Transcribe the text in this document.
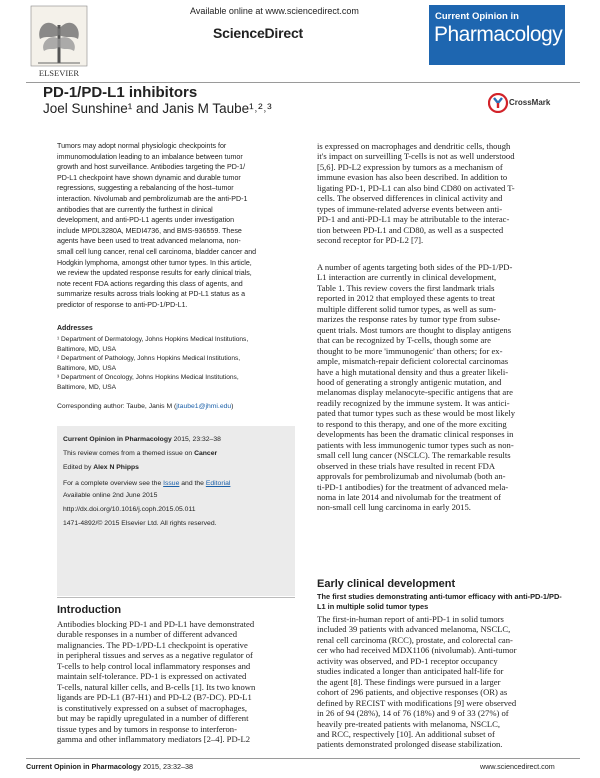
ELSEVIER
Available online at www.sciencedirect.com
ScienceDirect
Current Opinion in
Pharmacology
PD-1/PD-L1 inhibitors
Joel Sunshine¹ and Janis M Taube¹˒²˒³	CrossMark
Tumors may adopt normal physiologic checkpoints for
immunomodulation leading to an imbalance between tumor
growth and host surveillance. Antibodies targeting the PD-1/
PD-L1 checkpoint have shown dynamic and durable tumor
regressions, suggesting a rebalancing of the host–tumor
interaction. Nivolumab and pembrolizumab are the anti-PD-1
antibodies that are currently the furthest in clinical
development, and anti-PD-L1 agents under investigation
include MPDL3280A, MEDI4736, and BMS-936559. These
agents have been used to treat advanced melanoma, non-
small cell lung cancer, renal cell carcinoma, bladder cancer and
Hodgkin lymphoma, amongst other tumor types. In this article,
we review the updated response results for early clinical trials,
note recent FDA actions regarding this class of agents, and
summarize results across trials looking at PD-L1 status as a
predictor of response to anti-PD-1/PD-L1.
Addresses
¹ Department of Dermatology, Johns Hopkins Medical Institutions,
Baltimore, MD, USA
² Department of Pathology, Johns Hopkins Medical Institutions,
Baltimore, MD, USA
³ Department of Oncology, Johns Hopkins Medical Institutions,
Baltimore, MD, USA
Corresponding author: Taube, Janis M (jtaube1@jhmi.edu)
Current Opinion in Pharmacology 2015, 23:32–38
This review comes from a themed issue on Cancer
Edited by Alex N Phipps
For a complete overview see the Issue and the Editorial
Available online 2nd June 2015
http://dx.doi.org/10.1016/j.coph.2015.05.011
1471-4892/© 2015 Elsevier Ltd. All rights reserved.
Introduction
Antibodies blocking PD-1 and PD-L1 have demonstrated
durable responses in a number of different advanced
malignancies. The PD-1/PD-L1 checkpoint is operative
in peripheral tissues and serves as a negative regulator of
T-cells to help control local inflammatory responses and
maintain self-tolerance. PD-1 is expressed on activated
T-cells, natural killer cells, and B-cells [1]. Its two known
ligands are PD-L1 (B7-H1) and PD-L2 (B7-DC). PD-L1
is constitutively expressed on a subset of macrophages,
but may be rapidly upregulated in a number of different
tissue types and by tumors in response to interferon-
gamma and other inflammatory mediators [2–4]. PD-L2
is expressed on macrophages and dendritic cells, though
it's impact on surveilling T-cells is not as well understood
[5,6]. PD-L2 expression by tumors as a mechanism of
immune evasion has also been described. In addition to
ligating PD-1, PD-L1 can also bind CD80 on activated T-
cells. The observed differences in clinical activity and
types of immune-related adverse events between anti-
PD-1 and anti-PD-L1 may be attributable to the interac-
tion between PD-L1 and CD80, as well as a suspected
second receptor for PD-L2 [7].
A number of agents targeting both sides of the PD-1/PD-
L1 interaction are currently in clinical development,
Table 1. This review covers the first landmark trials
reported in 2012 that employed these agents to treat
multiple different solid tumor types, as well as sum-
marizes the response rates by tumor type from subse-
quent trials. Most tumors are thought to display antigens
that can be recognized by T-cells, though some are
thought to be more 'immunogenic' than others; for ex-
ample, mismatch-repair deficient colorectal carcinomas
have a high mutational density and thus a greater likeli-
hood of generating a strongly antigenic mutation, and
melanomas display melanocyte-specific antigens that are
readily recognized by the immune system. It was antici-
pated that tumor types such as these would be most likely
to respond to this therapy, and one of the more exciting
developments has been the dramatic clinical responses in
patients with less immunogenic tumor types such as non-
small cell lung cancer (NSCLC). The remarkable results
observed in these trials have resulted in recent FDA
approvals for pembrolizumab and nivolumab (both an-
ti-PD-1 antibodies) for the treatment of advanced mela-
noma in late 2014 and nivolumab for the treatment of
non-small cell lung carcinoma in early 2015.
Early clinical development
The first studies demonstrating anti-tumor efficacy with anti-PD-1/PD-L1 in multiple solid tumor types
The first-in-human report of anti-PD-1 in solid tumors
included 39 patients with advanced melanoma, NSCLC,
renal cell carcinoma (RCC), prostate, and colorectal can-
cer who had received MDX1106 (nivolumab). Anti-tumor
activity was observed, and PD-1 receptor occupancy
studies indicated a longer than anticipated half-life for
the agent [8]. These findings were pursued in a larger
cohort of 296 patients, and objective responses (OR) as
defined by RECIST with modifications [9] were observed
in 26 of 94 (28%), 14 of 76 (18%) and 9 of 33 (27%) of
heavily pre-treated patients with melanoma, NSCLC,
and RCC, respectively [10]. An additional subset of
patients demonstrated prolonged disease stabilization.
Current Opinion in Pharmacology 2015, 23:32–38	www.sciencedirect.com
